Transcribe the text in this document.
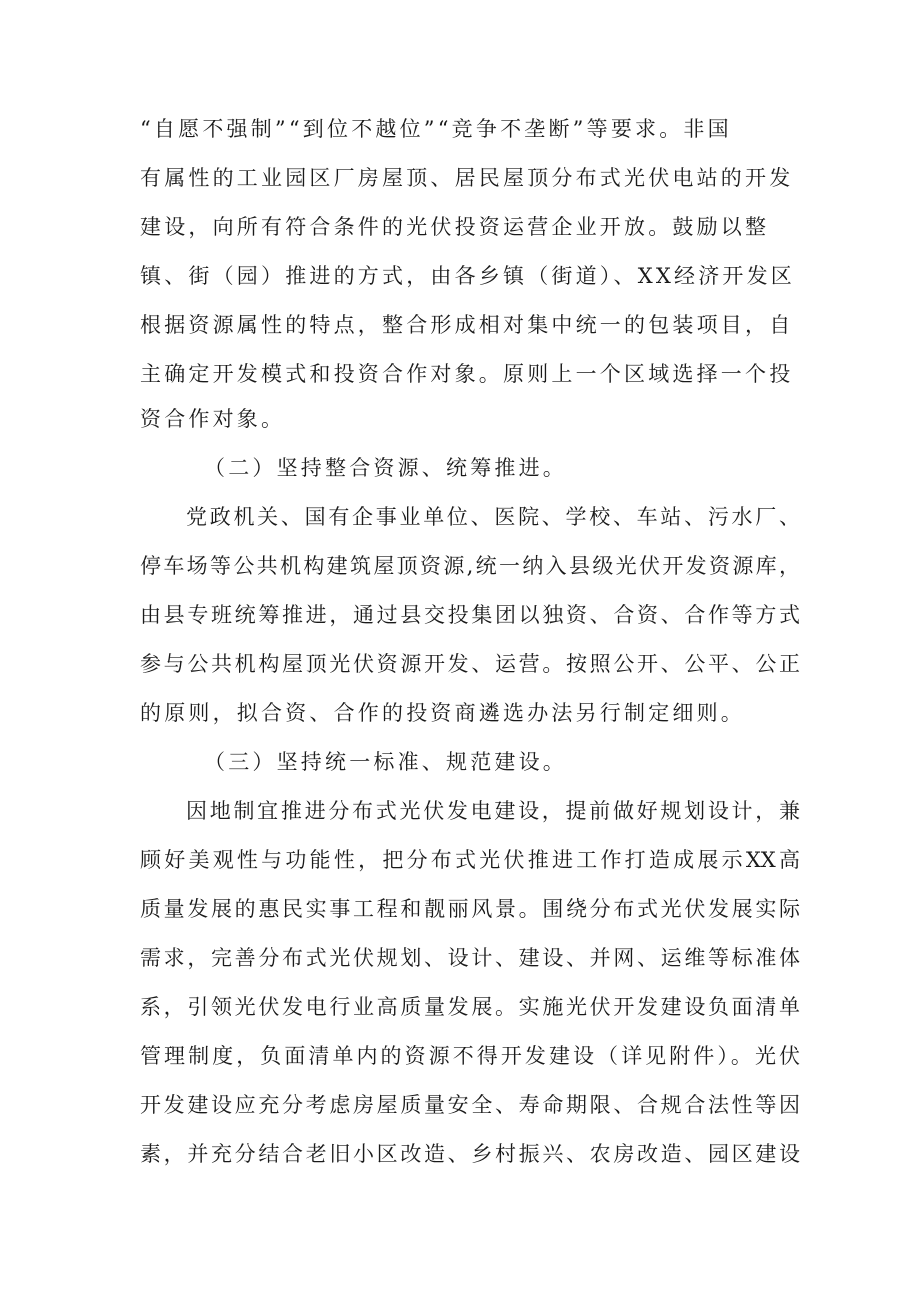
“自愿不强制”“到位不越位”“竞争不垄断”等要求。非国
有属性的工业园区厂房屋顶、居民屋顶分布式光伏电站的开发
建设，向所有符合条件的光伏投资运营企业开放。鼓励以整
镇、街（园）推进的方式，由各乡镇（街道）、XX经济开发区
根据资源属性的特点，整合形成相对集中统一的包装项目，自
主确定开发模式和投资合作对象。原则上一个区域选择一个投
资合作对象。
（二）坚持整合资源、统筹推进。
党政机关、国有企事业单位、医院、学校、车站、污水厂、
停车场等公共机构建筑屋顶资源,统一纳入县级光伏开发资源库，
由县专班统筹推进，通过县交投集团以独资、合资、合作等方式
参与公共机构屋顶光伏资源开发、运营。按照公开、公平、公正
的原则，拟合资、合作的投资商遴选办法另行制定细则。
（三）坚持统一标准、规范建设。
因地制宜推进分布式光伏发电建设，提前做好规划设计，兼
顾好美观性与功能性，把分布式光伏推进工作打造成展示XX高
质量发展的惠民实事工程和靓丽风景。围绕分布式光伏发展实际
需求，完善分布式光伏规划、设计、建设、并网、运维等标准体
系，引领光伏发电行业高质量发展。实施光伏开发建设负面清单
管理制度，负面清单内的资源不得开发建设（详见附件）。光伏
开发建设应充分考虑房屋质量安全、寿命期限、合规合法性等因
素，并充分结合老旧小区改造、乡村振兴、农房改造、园区建设
